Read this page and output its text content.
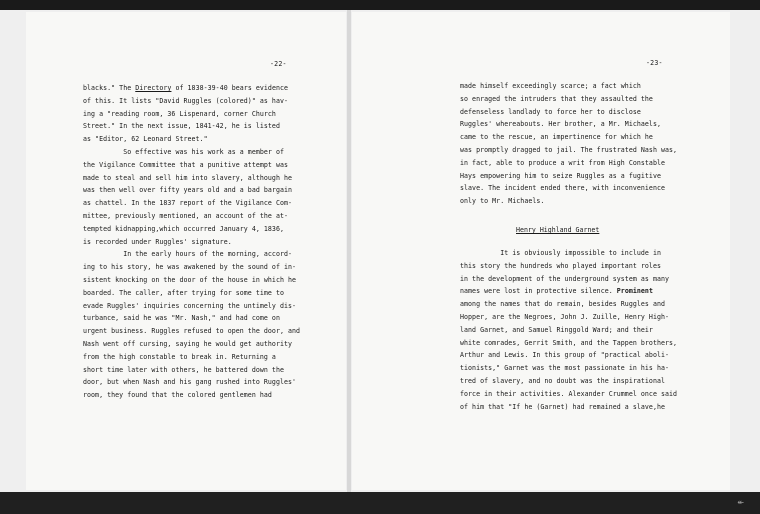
-22-	-23-
blacks." The Directory of 1838-39-40 bears evidence
of this. It lists "David Ruggles (colored)" as hav-
ing a "reading room, 36 Lispenard, corner Church
Street." In the next issue, 1841-42, he is listed
as "Editor, 62 Leonard Street."
So effective was his work as a member of
the Vigilance Committee that a punitive attempt was
made to steal and sell him into slavery, although he
was then well over fifty years old and a bad bargain
as chattel. In the 1837 report of the Vigilance Com-
mittee, previously mentioned, an account of the at-
tempted kidnapping,which occurred January 4, 1836,
is recorded under Ruggles' signature.
In the early hours of the morning, accord-
ing to his story, he was awakened by the sound of in-
sistent knocking on the door of the house in which he
boarded. The caller, after trying for some time to
evade Ruggles' inquiries concerning the untimely dis-
turbance, said he was "Mr. Nash," and had come on
urgent business. Ruggles refused to open the door, and
Nash went off cursing, saying he would get authority
from the high constable to break in. Returning a
short time later with others, he battered down the
door, but when Nash and his gang rushed into Ruggles'
room, they found that the colored gentlemen had
made himself exceedingly scarce; a fact which
so enraged the intruders that they assaulted the
defenseless landlady to force her to disclose
Ruggles' whereabouts. Her brother, a Mr. Michaels,
came to the rescue, an impertinence for which he
was promptly dragged to jail. The frustrated Nash was,
in fact, able to produce a writ from High Constable
Hays empowering him to seize Ruggles as a fugitive
slave. The incident ended there, with inconvenience
only to Mr. Michaels.
Henry Highland Garnet
It is obviously impossible to include in
this story the hundreds who played important roles
in the development of the underground system as many
names were lost in protective silence. Prominent
among the names that do remain, besides Ruggles and
Hopper, are the Negroes, John J. Zuille, Henry High-
land Garnet, and Samuel Ringgold Ward; and their
white comrades, Gerrit Smith, and the Tappen brothers,
Arthur and Lewis. In this group of "practical aboli-
tionists," Garnet was the most passionate in his ha-
tred of slavery, and no doubt was the inspirational
force in their activities. Alexander Crummel once said
of him that "If he (Garnet) had remained a slave,he
↞
